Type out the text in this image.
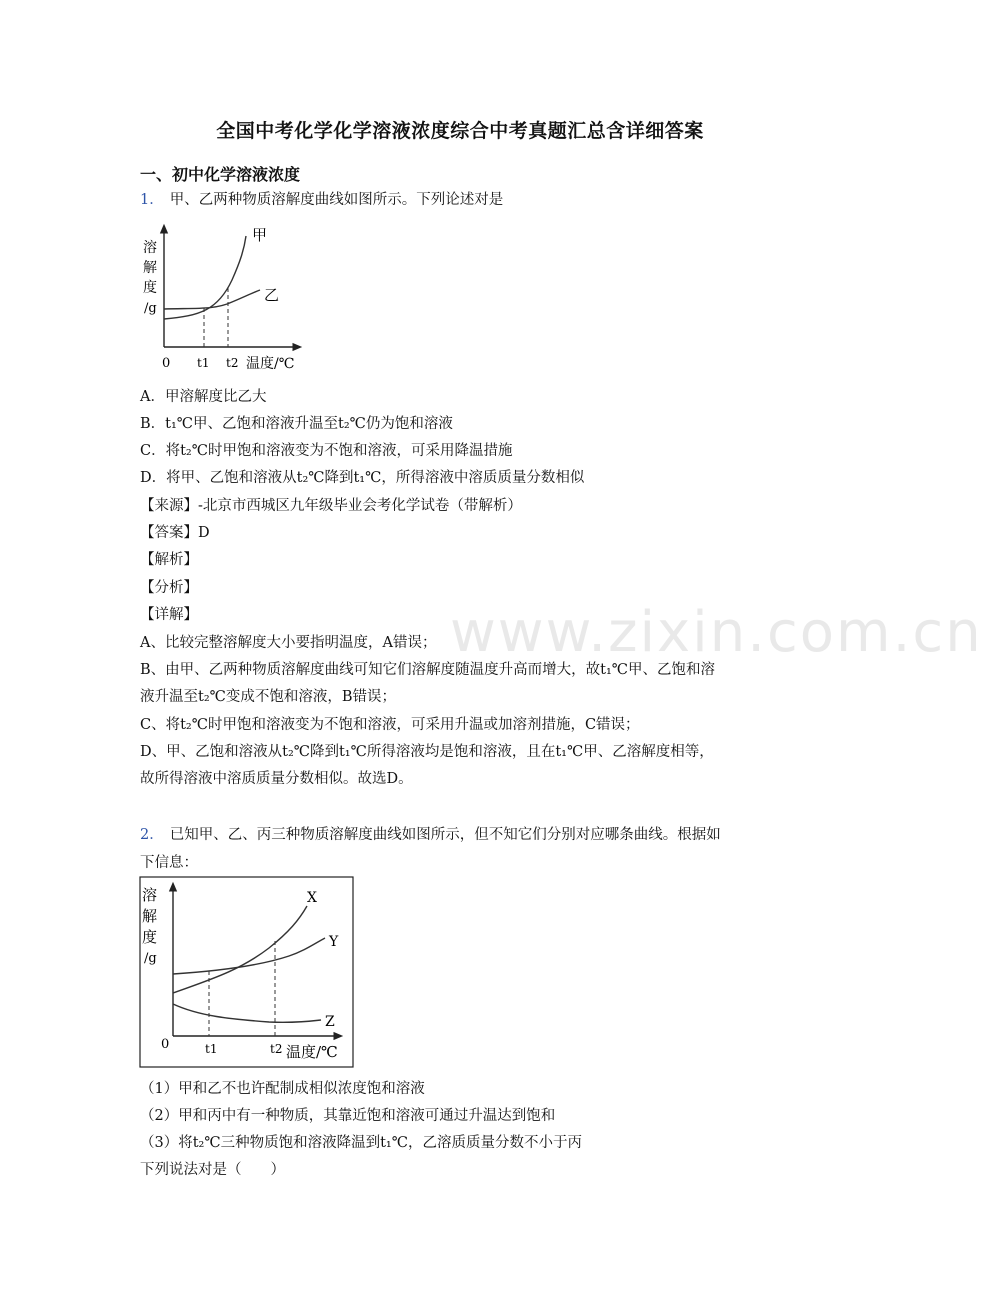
www.zixin.com.cn
全国中考化学化学溶液浓度综合中考真题汇总含详细答案
一、初中化学溶液浓度
1． 甲、乙两种物质溶解度曲线如图所示。下列论述对是
溶
解
度
/g
甲
乙
0 t1 t2 温度/℃
A．甲溶解度比乙大
B．t₁℃甲、乙饱和溶液升温至t₂℃仍为饱和溶液
C．将t₂℃时甲饱和溶液变为不饱和溶液，可采用降温措施
D．将甲、乙饱和溶液从t₂℃降到t₁℃，所得溶液中溶质质量分数相似
【来源】-北京市西城区九年级毕业会考化学试卷（带解析）
【答案】D
【解析】
【分析】
【详解】
A、比较完整溶解度大小要指明温度，A错误；
B、由甲、乙两种物质溶解度曲线可知它们溶解度随温度升高而增大，故t₁℃甲、乙饱和溶
液升温至t₂℃变成不饱和溶液，B错误；
C、将t₂℃时甲饱和溶液变为不饱和溶液，可采用升温或加溶剂措施，C错误；
D、甲、乙饱和溶液从t₂℃降到t₁℃所得溶液均是饱和溶液，且在t₁℃甲、乙溶解度相等，
故所得溶液中溶质质量分数相似。故选D。
2． 已知甲、乙、丙三种物质溶解度曲线如图所示，但不知它们分别对应哪条曲线。根据如
下信息：
溶
解
度
/g
X
Y
Z
0	t1	t2 温度/℃
（1）甲和乙不也许配制成相似浓度饱和溶液
（2）甲和丙中有一种物质，其靠近饱和溶液可通过升温达到饱和
（3）将t₂℃三种物质饱和溶液降温到t₁℃，乙溶质质量分数不小于丙
下列说法对是（　　）
